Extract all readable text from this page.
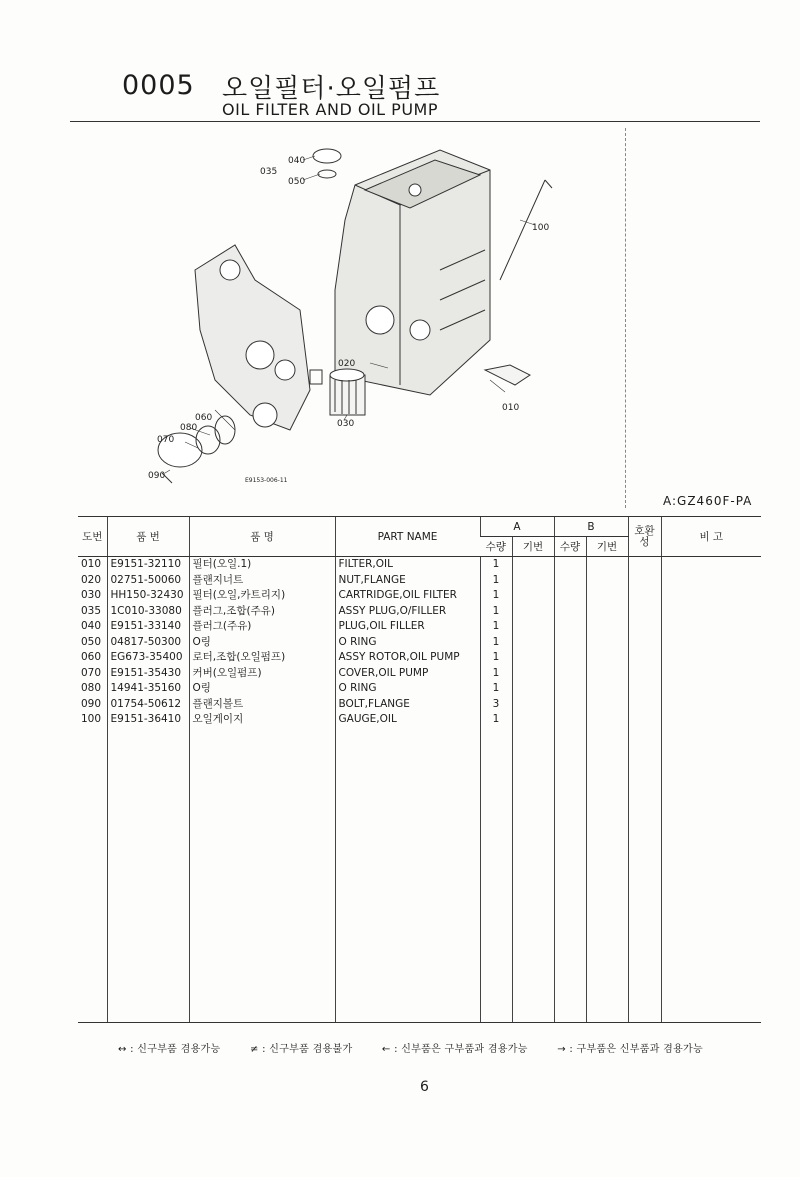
0005 오일필터·오일펌프
OIL FILTER AND OIL PUMP
040
035
050
100
020
010
030
060
080
070
090	E9153-006-11
A:GZ460F-PA
도번	품 번	품 명	PART NAME	A		B		호환성	비 고
				수량	기번	수량	기번		
010	E9151-32110	필터(오일.1)	FILTER,OIL	1					
020	02751-50060	플랜지너트	NUT,FLANGE	1					
030	HH150-32430	필터(오일,카트리지)	CARTRIDGE,OIL FILTER	1					
035	1C010-33080	플러그,조합(주유)	ASSY PLUG,O/FILLER	1					
040	E9151-33140	플러그(주유)	PLUG,OIL FILLER	1					
050	04817-50300	O링	O RING	1					
060	EG673-35400	로터,조합(오일펌프)	ASSY ROTOR,OIL PUMP	1					
070	E9151-35430	커버(오일펌프)	COVER,OIL PUMP	1					
080	14941-35160	O링	O RING	1					
090	01754-50612	플랜지볼트	BOLT,FLANGE	3					
100	E9151-36410	오일게이지	GAUGE,OIL	1					

↔ : 신구부품 겸용가능	≠ : 신구부품 겸용불가	← : 신부품은 구부품과 겸용가능	→ : 구부품은 신부품과 겸용가능
6
